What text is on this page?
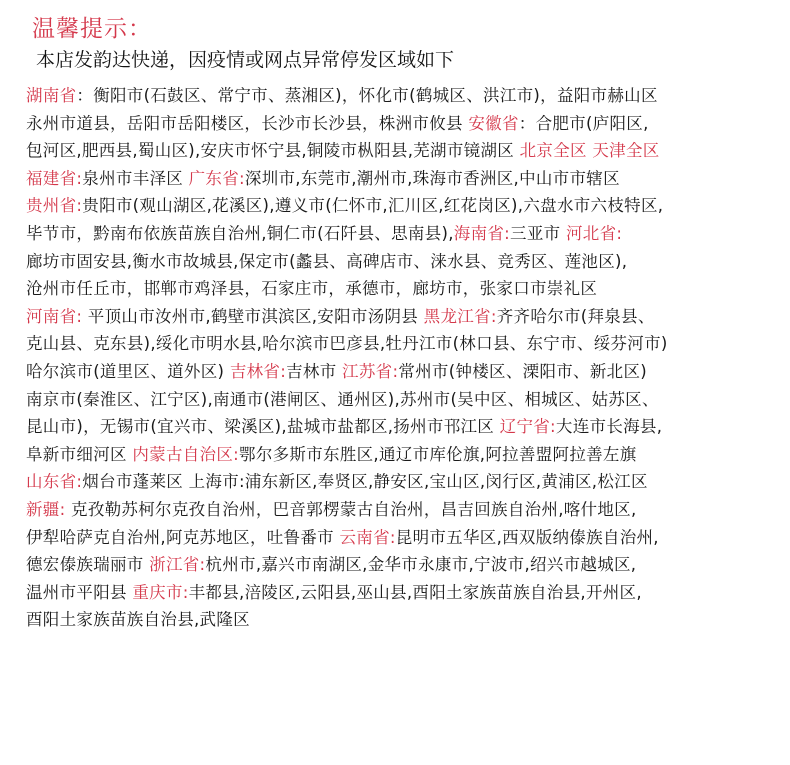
温馨提示：
本店发韵达快递，因疫情或网点异常停发区域如下
湖南省：衡阳市(石鼓区、常宁市、蒸湘区)，怀化市(鹤城区、洪江市)，益阳市赫山区
永州市道县，岳阳市岳阳楼区，长沙市长沙县，株洲市攸县 安徽省：合肥市(庐阳区,
包河区,肥西县,蜀山区),安庆市怀宁县,铜陵市枞阳县,芜湖市镜湖区 北京全区 天津全区
福建省:泉州市丰泽区 广东省:深圳市,东莞市,潮州市,珠海市香洲区,中山市市辖区
贵州省:贵阳市(观山湖区,花溪区),遵义市(仁怀市,汇川区,红花岗区),六盘水市六枝特区,
毕节市，黔南布依族苗族自治州,铜仁市(石阡县、思南县),海南省:三亚市 河北省:
廊坊市固安县,衡水市故城县,保定市(蠡县、高碑店市、涞水县、竞秀区、莲池区),
沧州市任丘市，邯郸市鸡泽县，石家庄市，承德市，廊坊市，张家口市崇礼区
河南省: 平顶山市汝州市,鹤壁市淇滨区,安阳市汤阴县 黑龙江省:齐齐哈尔市(拜泉县、
克山县、克东县),绥化市明水县,哈尔滨市巴彦县,牡丹江市(林口县、东宁市、绥芬河市)
哈尔滨市(道里区、道外区) 吉林省:吉林市 江苏省:常州市(钟楼区、溧阳市、新北区)
南京市(秦淮区、江宁区),南通市(港闸区、通州区),苏州市(吴中区、相城区、姑苏区、
昆山市)，无锡市(宜兴市、梁溪区),盐城市盐都区,扬州市邗江区 辽宁省:大连市长海县,
阜新市细河区 内蒙古自治区:鄂尔多斯市东胜区,通辽市库伦旗,阿拉善盟阿拉善左旗
山东省:烟台市蓬莱区 上海市:浦东新区,奉贤区,静安区,宝山区,闵行区,黄浦区,松江区
新疆: 克孜勒苏柯尔克孜自治州，巴音郭楞蒙古自治州，昌吉回族自治州,喀什地区,
伊犁哈萨克自治州,阿克苏地区，吐鲁番市 云南省:昆明市五华区,西双版纳傣族自治州,
德宏傣族瑞丽市 浙江省:杭州市,嘉兴市南湖区,金华市永康市,宁波市,绍兴市越城区,
温州市平阳县 重庆市:丰都县,涪陵区,云阳县,巫山县,酉阳土家族苗族自治县,开州区,
酉阳土家族苗族自治县,武隆区
